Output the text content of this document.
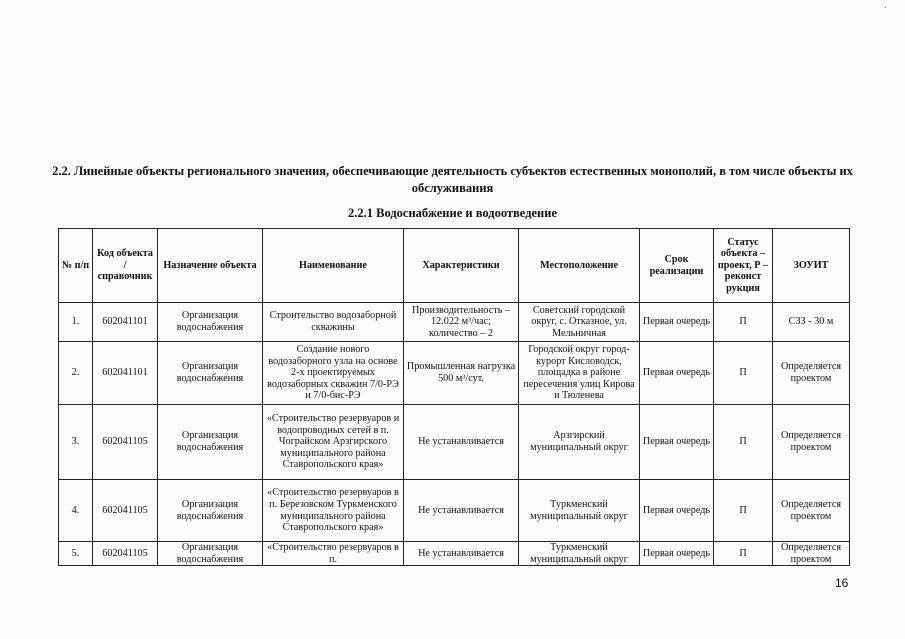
·
2.2. Линейные объекты регионального значения, обеспечивающие деятельность субъектов естественных монополий, в том числе объекты их обслуживания
2.2.1 Водоснабжение и водоотведение
№ п/п	Код объекта / справочник	Назначение объекта	Наименование	Характеристики	Местоположение	Срок реализации	Статус объекта – проект, Р – реконст рукция	ЗОУИТ
1.	602041101	Организация водоснабжения	Строительство водозаборной скважины	Производительность – 12.022 м³/час; количество – 2	Советский городской округ, с. Отказное, ул. Мельничная	Первая очередь	П	СЗЗ - 30 м
2.	602041101	Организация водоснабжения	Создание нового водозаборного узла на основе 2-х проектируемых водозаборных скважин 7/0-РЭ и 7/0-бис-РЭ	Промышленная нагрузка 500 м³/сут.	Городской округ город-курорт Кисловодск, площадка в районе пересечения улиц Кирова и Тюленева	Первая очередь	П	Определяется проектом
3.	602041105	Организация водоснабжения	«Строительство резервуаров и водопроводных сетей в п. Чограйском Арзгирского муниципального района Ставропольского края»	Не устанавливается	Арзгирский муниципальный округ	Первая очередь	П	Определяется проектом
4.	602041105	Организация водоснабжения	«Строительство резервуаров в п. Березовском Туркменского муниципального района Ставропольского края»	Не устанавливается	Туркменский муниципальный округ	Первая очередь	П	Определяется проектом
5.	602041105	Организация водоснабжения	«Строительство резервуаров в п.	Не устанавливается	Туркменский муниципальный округ	Первая очередь	П	Определяется проектом
16
